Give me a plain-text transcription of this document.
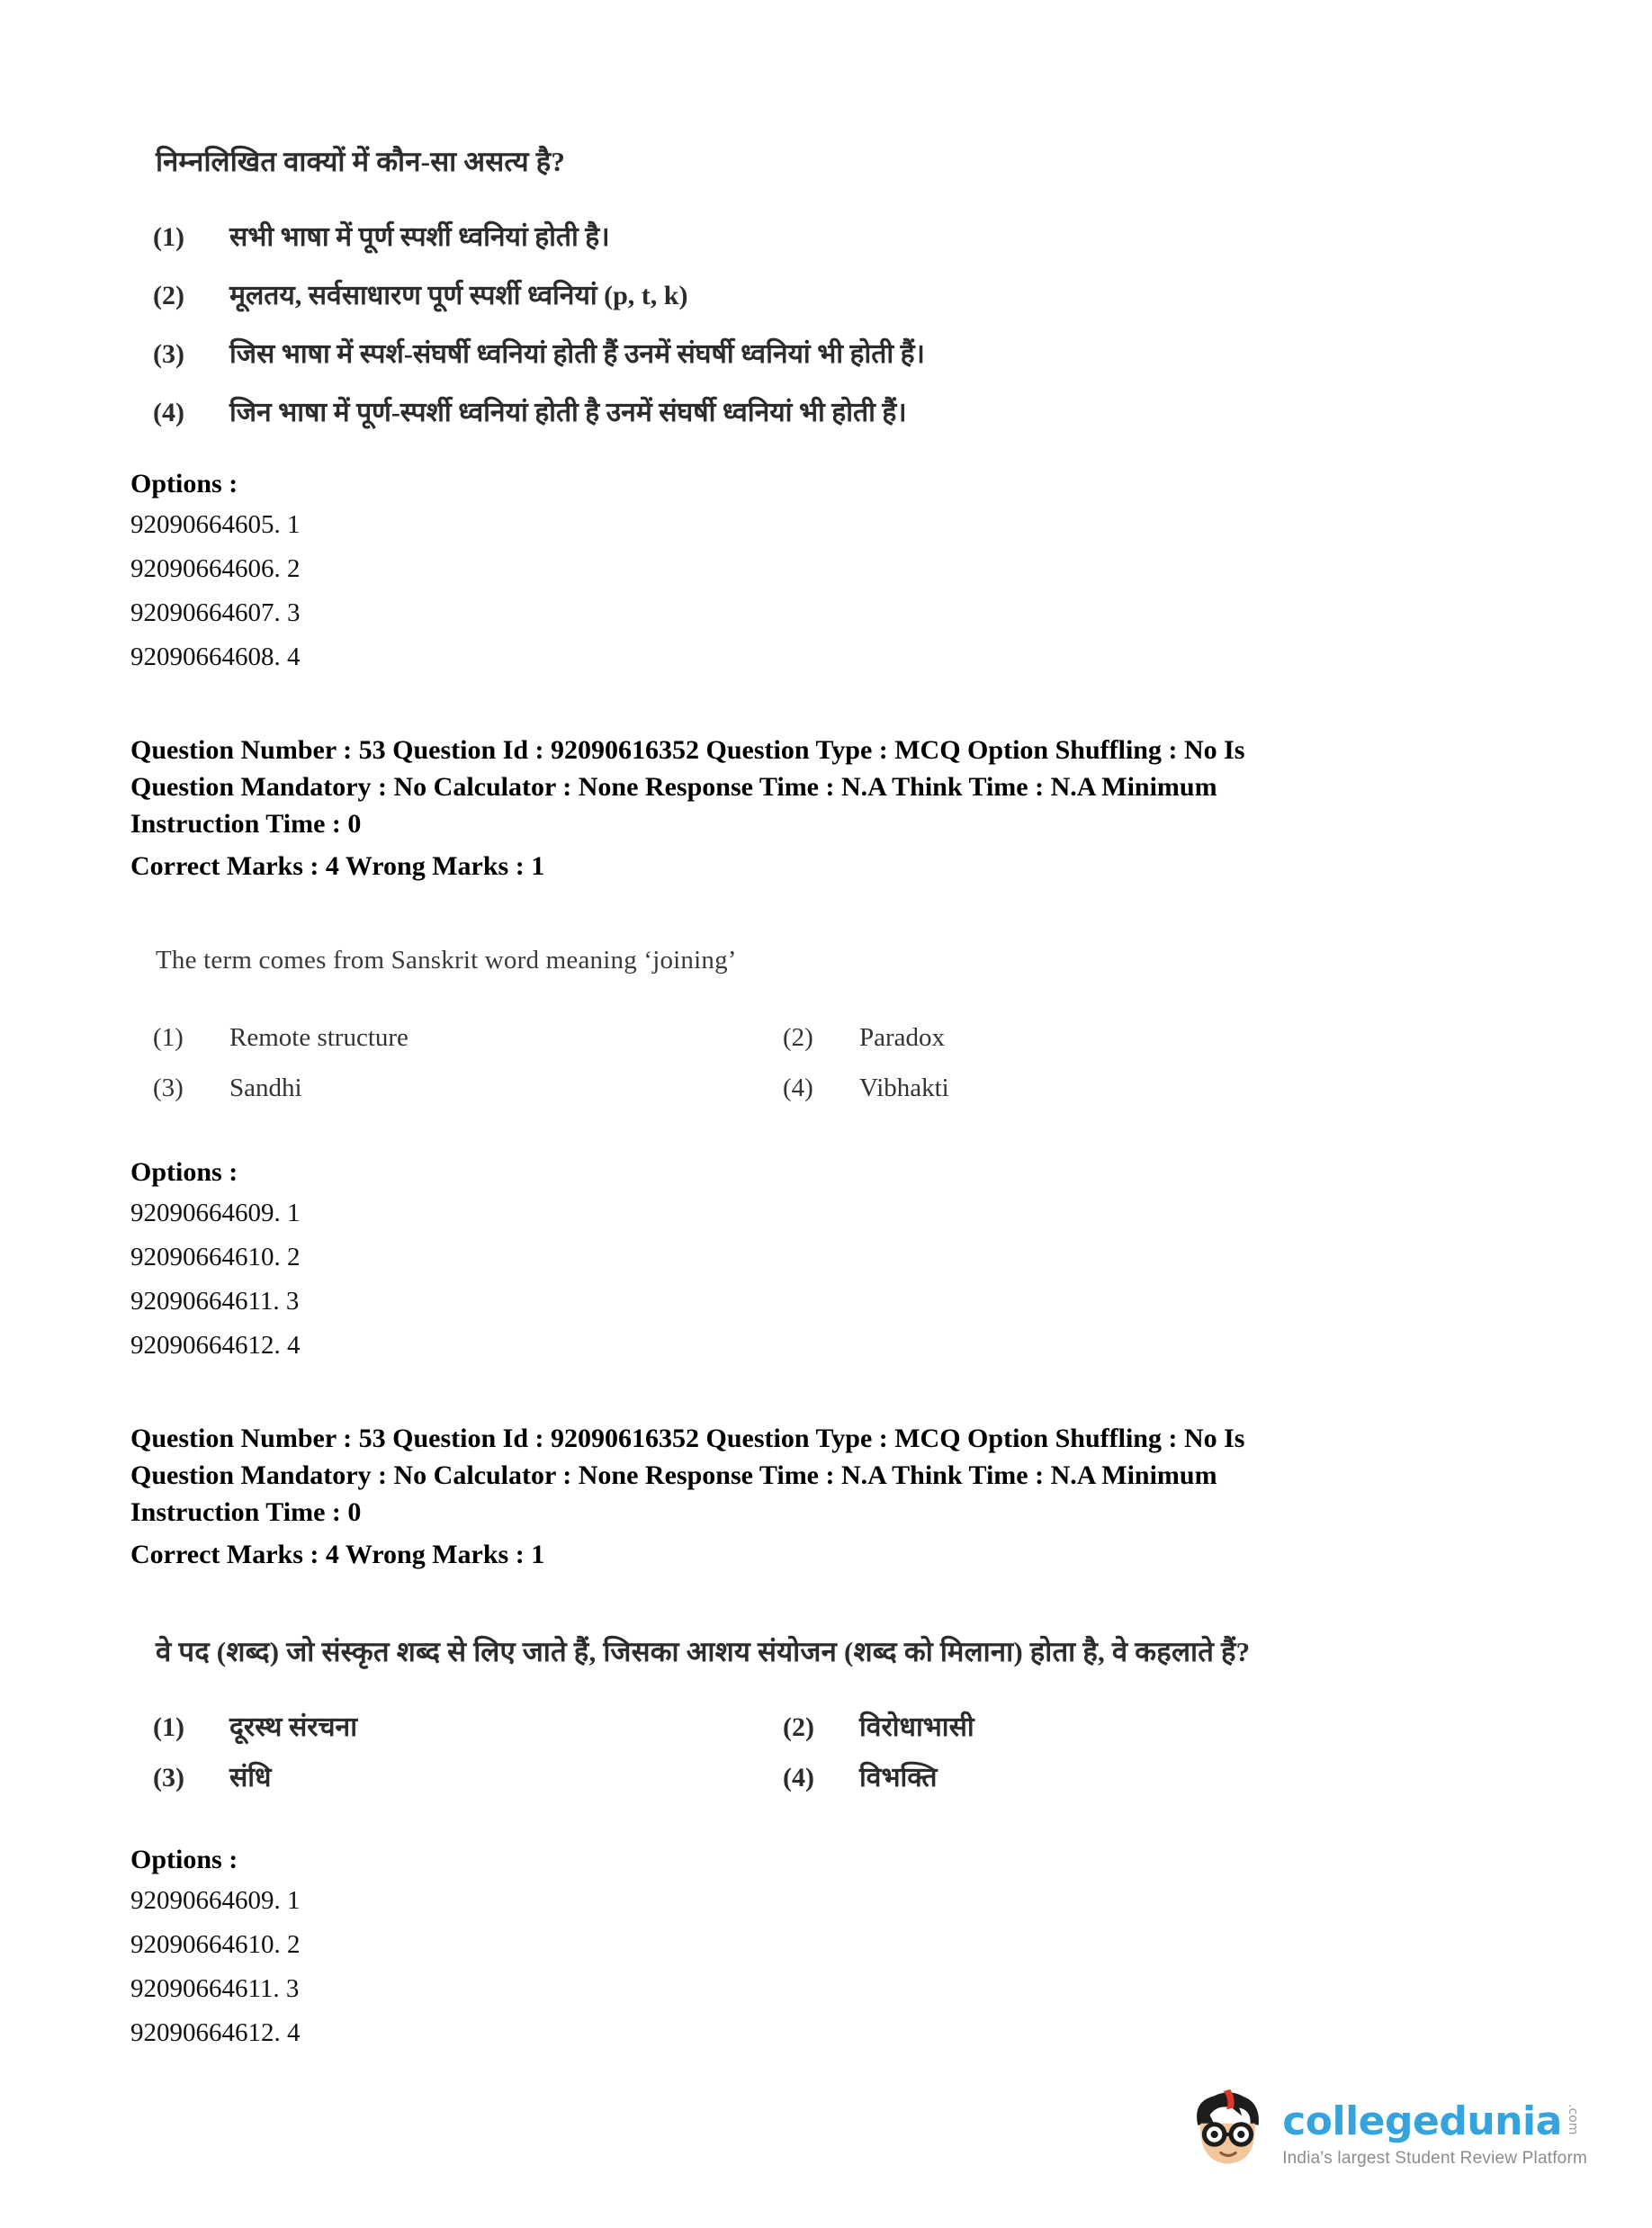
निम्नलिखित वाक्यों में कौन-सा असत्य है?

(1)	सभी भाषा में पूर्ण स्पर्शी ध्वनियां होती है।
(2)	मूलतय, सर्वसाधारण पूर्ण स्पर्शी ध्वनियां (p, t, k)
(3)	जिस भाषा में स्पर्श-संघर्षी ध्वनियां होती हैं उनमें संघर्षी ध्वनियां भी होती हैं।
(4)	जिन भाषा में पूर्ण-स्पर्शी ध्वनियां होती है उनमें संघर्षी ध्वनियां भी होती हैं।

Options :

92090664605. 1

92090664606. 2

92090664607. 3

92090664608. 4

Question Number : 53 Question Id : 92090616352 Question Type : MCQ Option Shuffling : No Is

Question Mandatory : No Calculator : None Response Time : N.A Think Time : N.A Minimum

Instruction Time : 0

Correct Marks : 4 Wrong Marks : 1

The term comes from Sanskrit word meaning ‘joining’

(1)	Remote structure	(2)	Paradox
(3)	Sandhi	(4)	Vibhakti

Options :

92090664609. 1

92090664610. 2

92090664611. 3

92090664612. 4

Question Number : 53 Question Id : 92090616352 Question Type : MCQ Option Shuffling : No Is

Question Mandatory : No Calculator : None Response Time : N.A Think Time : N.A Minimum

Instruction Time : 0

Correct Marks : 4 Wrong Marks : 1

वे पद (शब्द) जो संस्कृत शब्द से लिए जाते हैं, जिसका आशय संयोजन (शब्द को मिलाना) होता है, वे कहलाते हैं?

(1)	दूरस्थ संरचना	(2)	विरोधाभासी
(3)	संधि	(4)	विभक्ति

Options :

92090664609. 1

92090664610. 2

92090664611. 3

92090664612. 4

collegedunia .com
India's largest Student Review Platform
